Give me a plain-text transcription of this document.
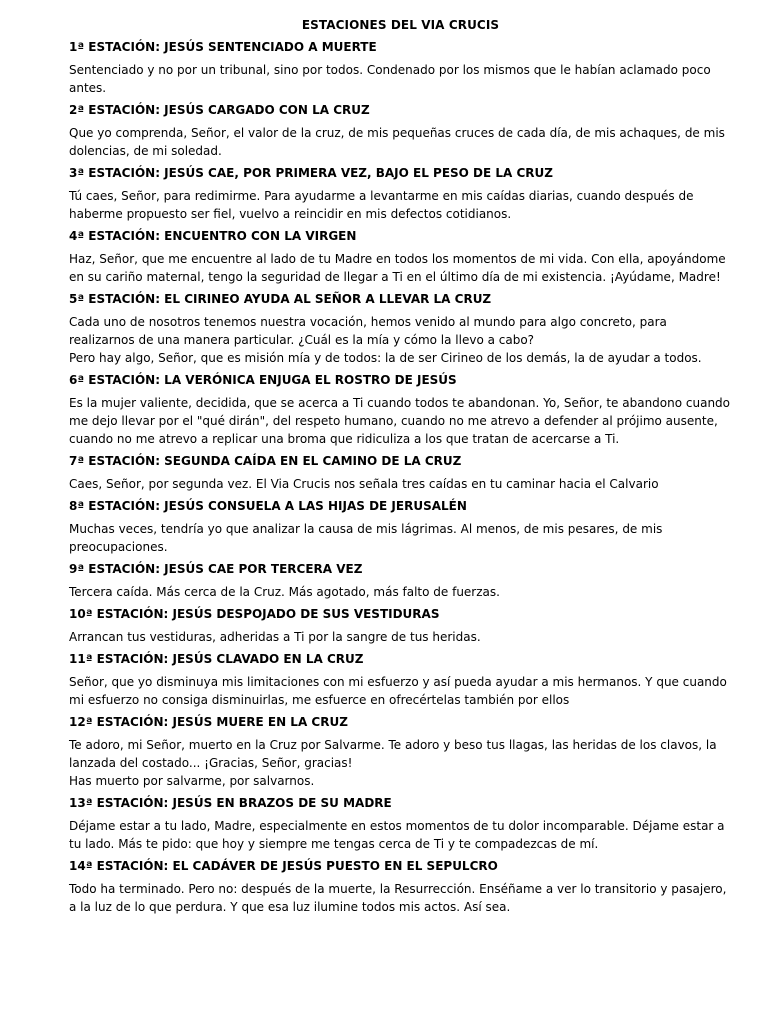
ESTACIONES DEL VIA CRUCIS
1ª ESTACIÓN: JESÚS SENTENCIADO A MUERTE

Sentenciado y no por un tribunal, sino por todos. Condenado por los mismos que le habían aclamado poco antes.

2ª ESTACIÓN: JESÚS CARGADO CON LA CRUZ

Que yo comprenda, Señor, el valor de la cruz, de mis pequeñas cruces de cada día, de mis achaques, de mis dolencias, de mi soledad.

3ª ESTACIÓN: JESÚS CAE, POR PRIMERA VEZ, BAJO EL PESO DE LA CRUZ

Tú caes, Señor, para redimirme. Para ayudarme a levantarme en mis caídas diarias, cuando después de haberme propuesto ser fiel, vuelvo a reincidir en mis defectos cotidianos.

4ª ESTACIÓN: ENCUENTRO CON LA VIRGEN

Haz, Señor, que me encuentre al lado de tu Madre en todos los momentos de mi vida. Con ella, apoyándome en su cariño maternal, tengo la seguridad de llegar a Ti en el último día de mi existencia. ¡Ayúdame, Madre!

5ª ESTACIÓN: EL CIRINEO AYUDA AL SEÑOR A LLEVAR LA CRUZ

Cada uno de nosotros tenemos nuestra vocación, hemos venido al mundo para algo concreto, para realizarnos de una manera particular. ¿Cuál es la mía y cómo la llevo a cabo?

Pero hay algo, Señor, que es misión mía y de todos: la de ser Cirineo de los demás, la de ayudar a todos.

6ª ESTACIÓN: LA VERÓNICA ENJUGA EL ROSTRO DE JESÚS

Es la mujer valiente, decidida, que se acerca a Ti cuando todos te abandonan. Yo, Señor, te abandono cuando me dejo llevar por el "qué dirán", del respeto humano, cuando no me atrevo a defender al prójimo ausente, cuando no me atrevo a replicar una broma que ridiculiza a los que tratan de acercarse a Ti.

7ª ESTACIÓN: SEGUNDA CAÍDA EN EL CAMINO DE LA CRUZ

Caes, Señor, por segunda vez. El Via Crucis nos señala tres caídas en tu caminar hacia el Calvario

8ª ESTACIÓN: JESÚS CONSUELA A LAS HIJAS DE JERUSALÉN

Muchas veces, tendría yo que analizar la causa de mis lágrimas. Al menos, de mis pesares, de mis preocupaciones.

9ª ESTACIÓN: JESÚS CAE POR TERCERA VEZ

Tercera caída. Más cerca de la Cruz. Más agotado, más falto de fuerzas.

10ª ESTACIÓN: JESÚS DESPOJADO DE SUS VESTIDURAS

Arrancan tus vestiduras, adheridas a Ti por la sangre de tus heridas.

11ª ESTACIÓN: JESÚS CLAVADO EN LA CRUZ

Señor, que yo disminuya mis limitaciones con mi esfuerzo y así pueda ayudar a mis hermanos. Y que cuando mi esfuerzo no consiga disminuirlas, me esfuerce en ofrecértelas también por ellos

12ª ESTACIÓN: JESÚS MUERE EN LA CRUZ

Te adoro, mi Señor, muerto en la Cruz por Salvarme. Te adoro y beso tus llagas, las heridas de los clavos, la lanzada del costado... ¡Gracias, Señor, gracias!

Has muerto por salvarme, por salvarnos.

13ª ESTACIÓN: JESÚS EN BRAZOS DE SU MADRE

Déjame estar a tu lado, Madre, especialmente en estos momentos de tu dolor incomparable. Déjame estar a tu lado. Más te pido: que hoy y siempre me tengas cerca de Ti y te compadezcas de mí.

14ª ESTACIÓN: EL CADÁVER DE JESÚS PUESTO EN EL SEPULCRO

Todo ha terminado. Pero no: después de la muerte, la Resurrección. Enséñame a ver lo transitorio y pasajero, a la luz de lo que perdura. Y que esa luz ilumine todos mis actos. Así sea.
